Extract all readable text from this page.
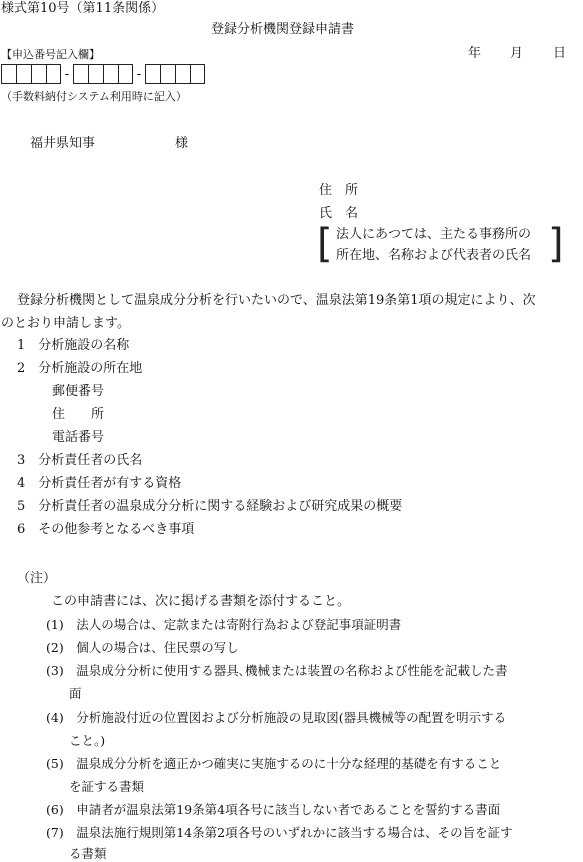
様式第10号（第11条関係）
登録分析機関登録申請書
【申込番号記入欄】	年 月 日
-	-
（手数料納付システム利用時に記入）
福井県知事	様
住　所
氏　名
[ 法人にあつては、主たる事務所の
所在地、名称および代表者の氏名 ]
登録分析機関として温泉成分分析を行いたいので、温泉法第19条第1項の規定により、次
のとおり申請します。
1　分析施設の名称
2　分析施設の所在地
郵便番号
住　　所
電話番号
3　分析責任者の氏名
4　分析責任者が有する資格
5　分析責任者の温泉成分分析に関する経験および研究成果の概要
6　その他参考となるべき事項
（注）
この申請書には、次に掲げる書類を添付すること。
(1)　法人の場合は、定款または寄附行為および登記事項証明書
(2)　個人の場合は、住民票の写し
(3)　温泉成分分析に使用する器具､機械または装置の名称および性能を記載した書
面
(4)　分析施設付近の位置図および分析施設の見取図(器具機械等の配置を明示する
こと。)
(5)　温泉成分分析を適正かつ確実に実施するのに十分な経理的基礎を有すること
を証する書類
(6)　申請者が温泉法第19条第4項各号に該当しない者であることを誓約する書面
(7)　温泉法施行規則第14条第2項各号のいずれかに該当する場合は、その旨を証す
る書類
